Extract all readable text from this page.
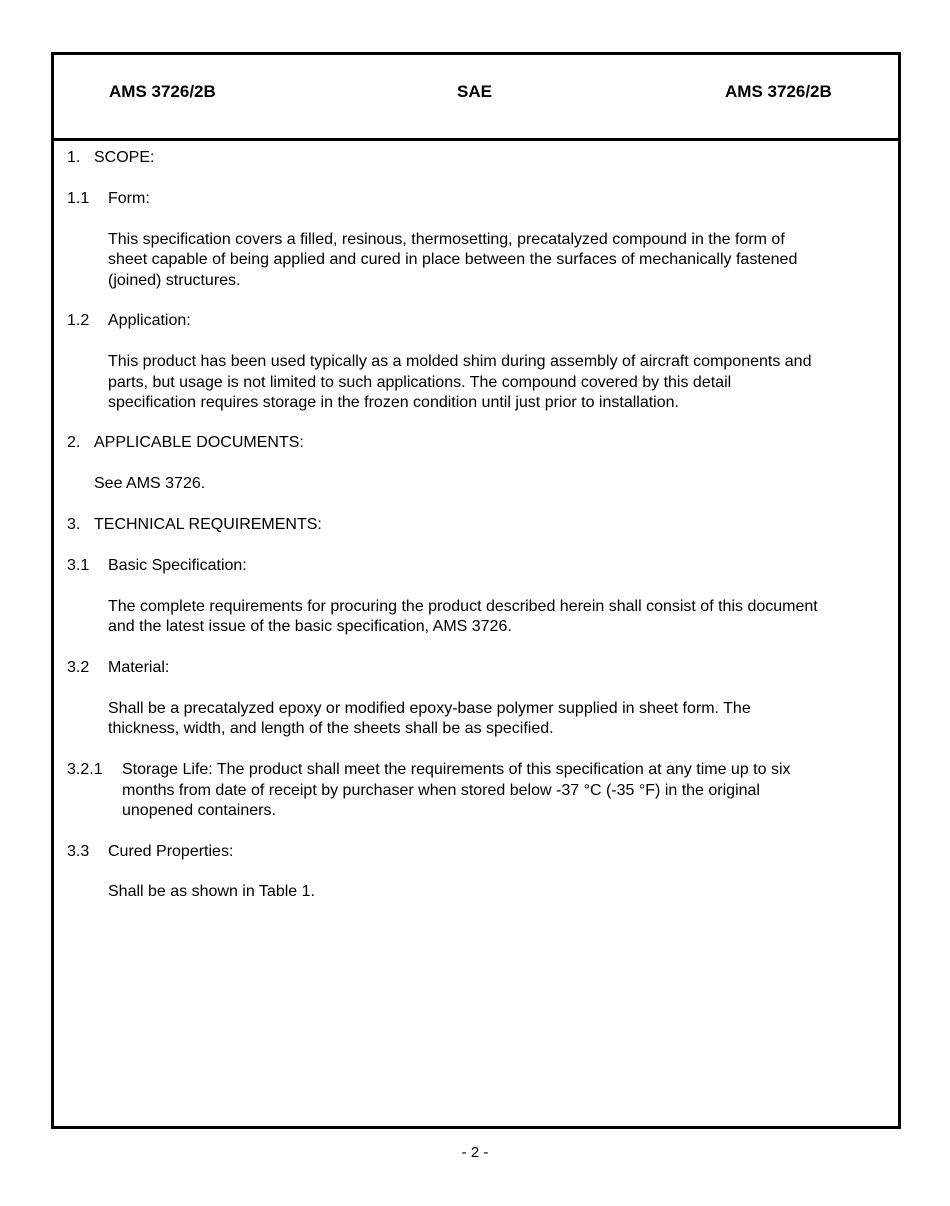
AMS 3726/2B	SAE	AMS 3726/2B
1. SCOPE:
1.1 Form:
This specification covers a filled, resinous, thermosetting, precatalyzed compound in the form of
sheet capable of being applied and cured in place between the surfaces of mechanically fastened
(joined) structures.
1.2 Application:
This product has been used typically as a molded shim during assembly of aircraft components and
parts, but usage is not limited to such applications. The compound covered by this detail
specification requires storage in the frozen condition until just prior to installation.
2. APPLICABLE DOCUMENTS:
See AMS 3726.
3. TECHNICAL REQUIREMENTS:
3.1 Basic Specification:
The complete requirements for procuring the product described herein shall consist of this document
and the latest issue of the basic specification, AMS 3726.
3.2 Material:
Shall be a precatalyzed epoxy or modified epoxy-base polymer supplied in sheet form. The
thickness, width, and length of the sheets shall be as specified.
3.2.1 Storage Life: The product shall meet the requirements of this specification at any time up to six
months from date of receipt by purchaser when stored below -37 °C (-35 °F) in the original
unopened containers.
3.3 Cured Properties:
Shall be as shown in Table 1.
- 2 -
